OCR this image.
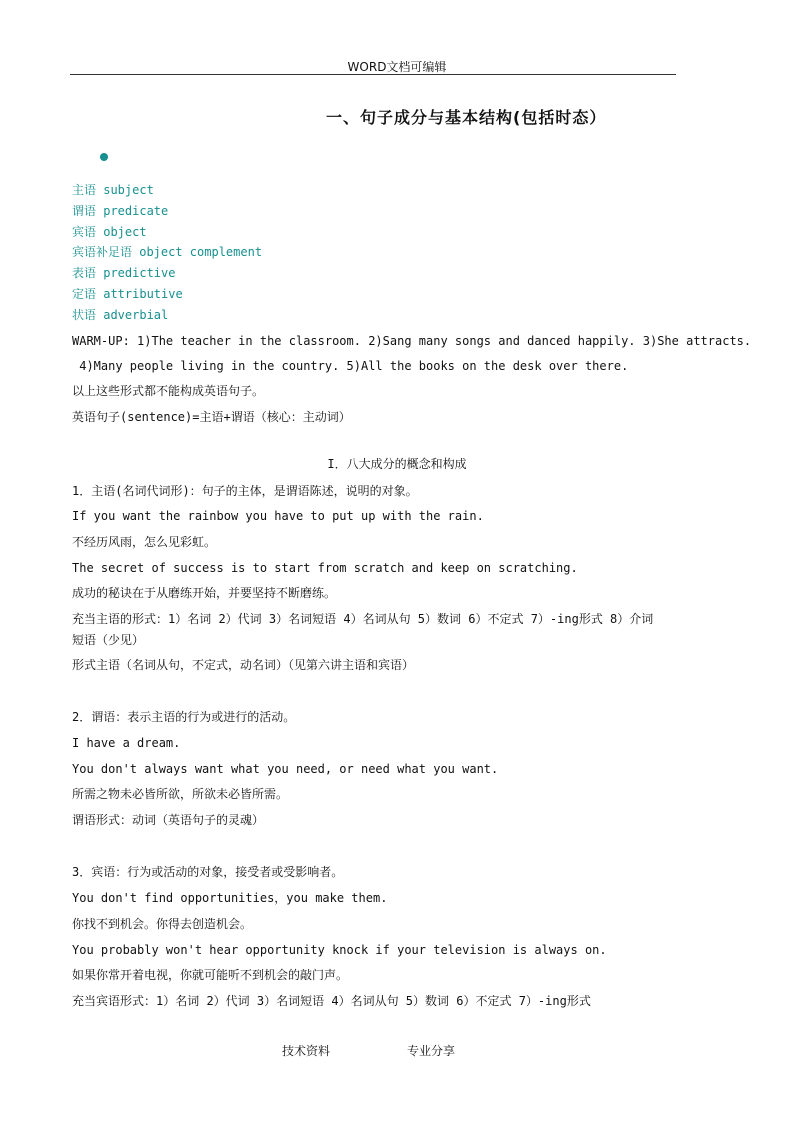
WORD文档可编辑
一、句子成分与基本结构(包括时态）
主语 subject
谓语 predicate
宾语 object
宾语补足语 object complement
表语 predictive
定语 attributive
状语 adverbial
WARM-UP: 1)The teacher in the classroom. 2)Sang many songs and danced happily. 3)She attracts.
4)Many people living in the country. 5)All the books on the desk over there.
以上这些形式都不能构成英语句子。
英语句子(sentence)=主语+谓语（核心：主动词）
I．八大成分的概念和构成
1．主语(名词代词形)：句子的主体，是谓语陈述，说明的对象。
If you want the rainbow you have to put up with the rain.
不经历风雨，怎么见彩虹。
The secret of success is to start from scratch and keep on scratching.
成功的秘诀在于从磨练开始，并要坚持不断磨练。
充当主语的形式：1）名词 2）代词 3）名词短语 4）名词从句 5）数词 6）不定式 7）-ing形式 8）介词
短语（少见）
形式主语（名词从句，不定式，动名词）（见第六讲主语和宾语）
2．谓语：表示主语的行为或进行的活动。
I have a dream.
You don't always want what you need, or need what you want.
所需之物未必皆所欲，所欲未必皆所需。
谓语形式：动词（英语句子的灵魂）
3．宾语：行为或活动的对象，接受者或受影响者。
You don't find opportunities，you make them.
你找不到机会。你得去创造机会。
You probably won't hear opportunity knock if your television is always on.
如果你常开着电视，你就可能听不到机会的敲门声。
充当宾语形式：1）名词 2）代词 3）名词短语 4）名词从句 5）数词 6）不定式 7）-ing形式
技术资料	专业分享
